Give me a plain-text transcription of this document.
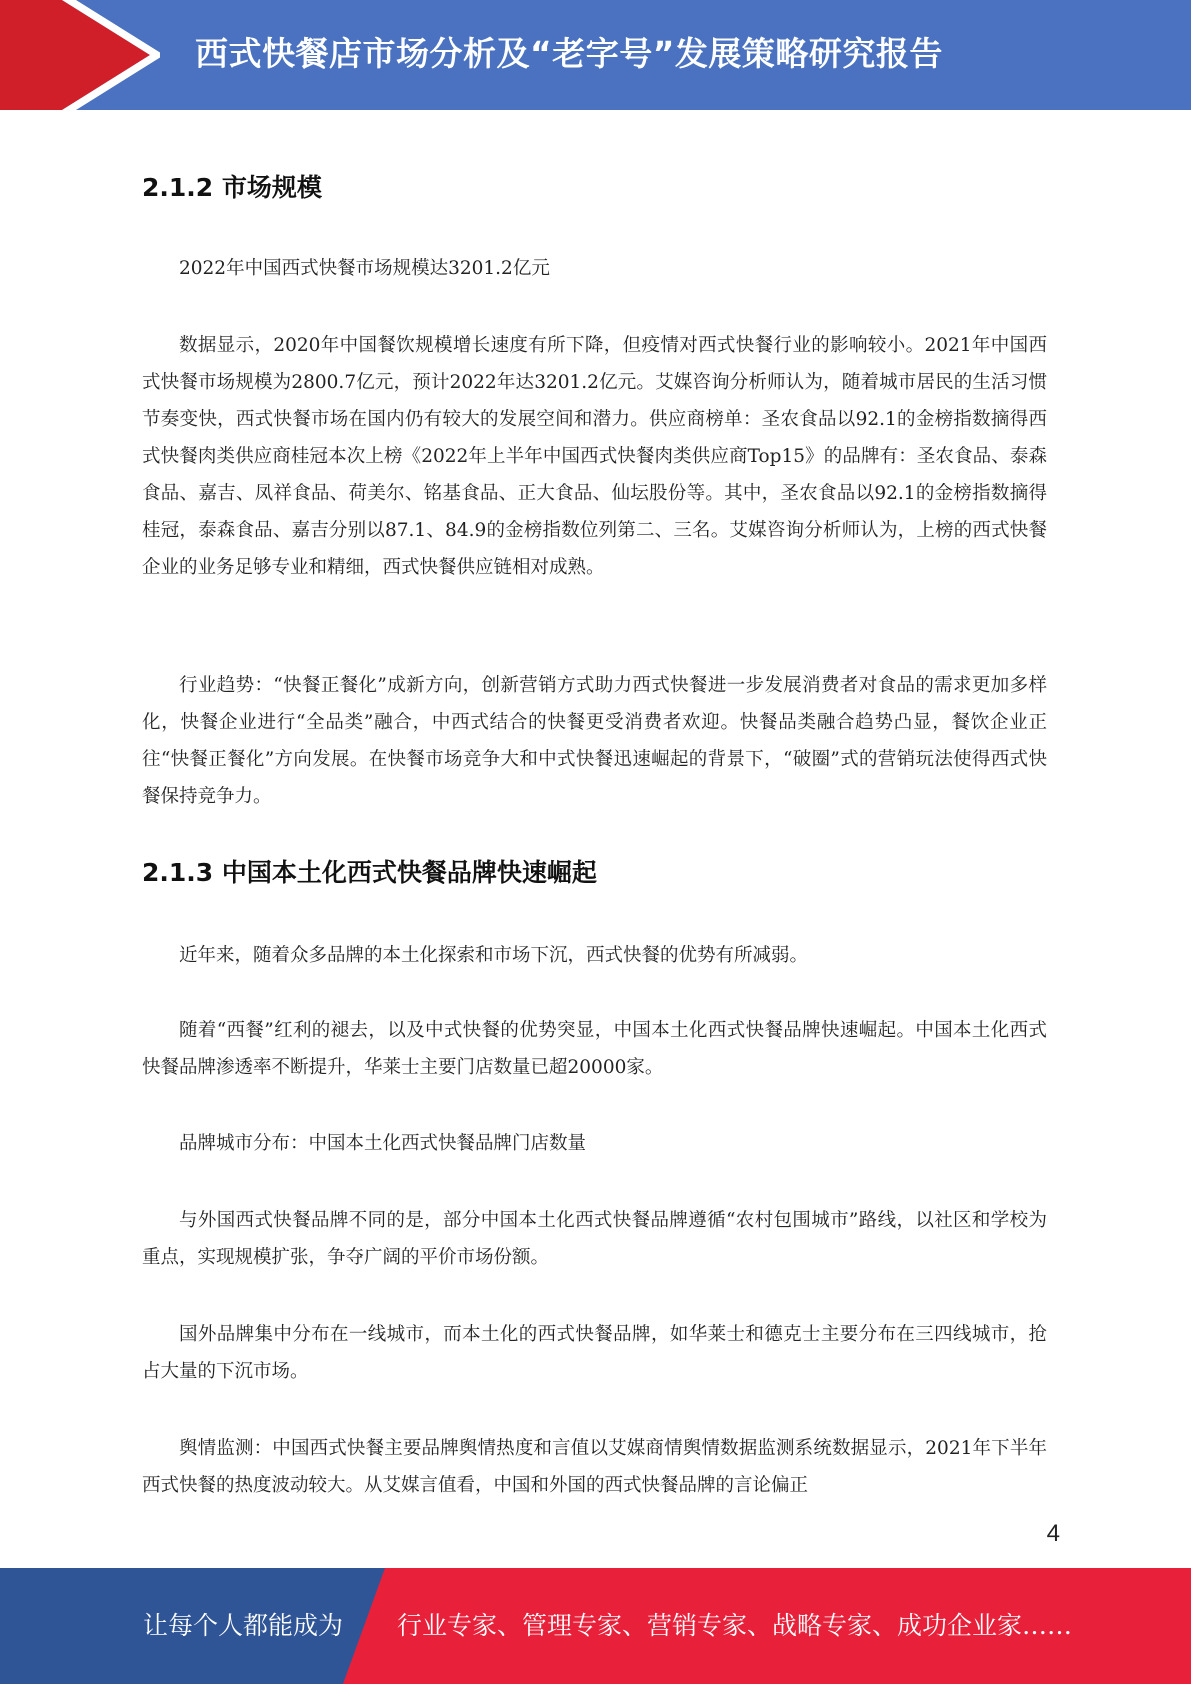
西式快餐店市场分析及“老字号”发展策略研究报告
2.1.2 市场规模

2022年中国西式快餐市场规模达3201.2亿元

数据显示，2020年中国餐饮规模增长速度有所下降，但疫情对西式快餐行业的影响较小。2021年中国西式快餐市场规模为2800.7亿元，预计2022年达3201.2亿元。艾媒咨询分析师认为，随着城市居民的生活习惯节奏变快，西式快餐市场在国内仍有较大的发展空间和潜力。供应商榜单：圣农食品以92.1的金榜指数摘得西式快餐肉类供应商桂冠本次上榜《2022年上半年中国西式快餐肉类供应商Top15》的品牌有：圣农食品、泰森食品、嘉吉、凤祥食品、荷美尔、铭基食品、正大食品、仙坛股份等。其中，圣农食品以92.1的金榜指数摘得桂冠，泰森食品、嘉吉分别以87.1、84.9的金榜指数位列第二、三名。艾媒咨询分析师认为，上榜的西式快餐企业的业务足够专业和精细，西式快餐供应链相对成熟。

行业趋势：“快餐正餐化”成新方向，创新营销方式助力西式快餐进一步发展消费者对食品的需求更加多样化，快餐企业进行“全品类”融合，中西式结合的快餐更受消费者欢迎。快餐品类融合趋势凸显，餐饮企业正往“快餐正餐化”方向发展。在快餐市场竞争大和中式快餐迅速崛起的背景下，“破圈”式的营销玩法使得西式快餐保持竞争力。

2.1.3 中国本土化西式快餐品牌快速崛起

近年来，随着众多品牌的本土化探索和市场下沉，西式快餐的优势有所减弱。

随着“西餐”红利的褪去，以及中式快餐的优势突显，中国本土化西式快餐品牌快速崛起。中国本土化西式快餐品牌渗透率不断提升，华莱士主要门店数量已超20000家。

品牌城市分布：中国本土化西式快餐品牌门店数量

与外国西式快餐品牌不同的是，部分中国本土化西式快餐品牌遵循“农村包围城市”路线，以社区和学校为重点，实现规模扩张，争夺广阔的平价市场份额。

国外品牌集中分布在一线城市，而本土化的西式快餐品牌，如华莱士和德克士主要分布在三四线城市，抢占大量的下沉市场。

舆情监测：中国西式快餐主要品牌舆情热度和言值以艾媒商情舆情数据监测系统数据显示，2021年下半年西式快餐的热度波动较大。从艾媒言值看，中国和外国的西式快餐品牌的言论偏正

4
让每个人都能成为 行业专家、管理专家、营销专家、战略专家、成功企业家……
